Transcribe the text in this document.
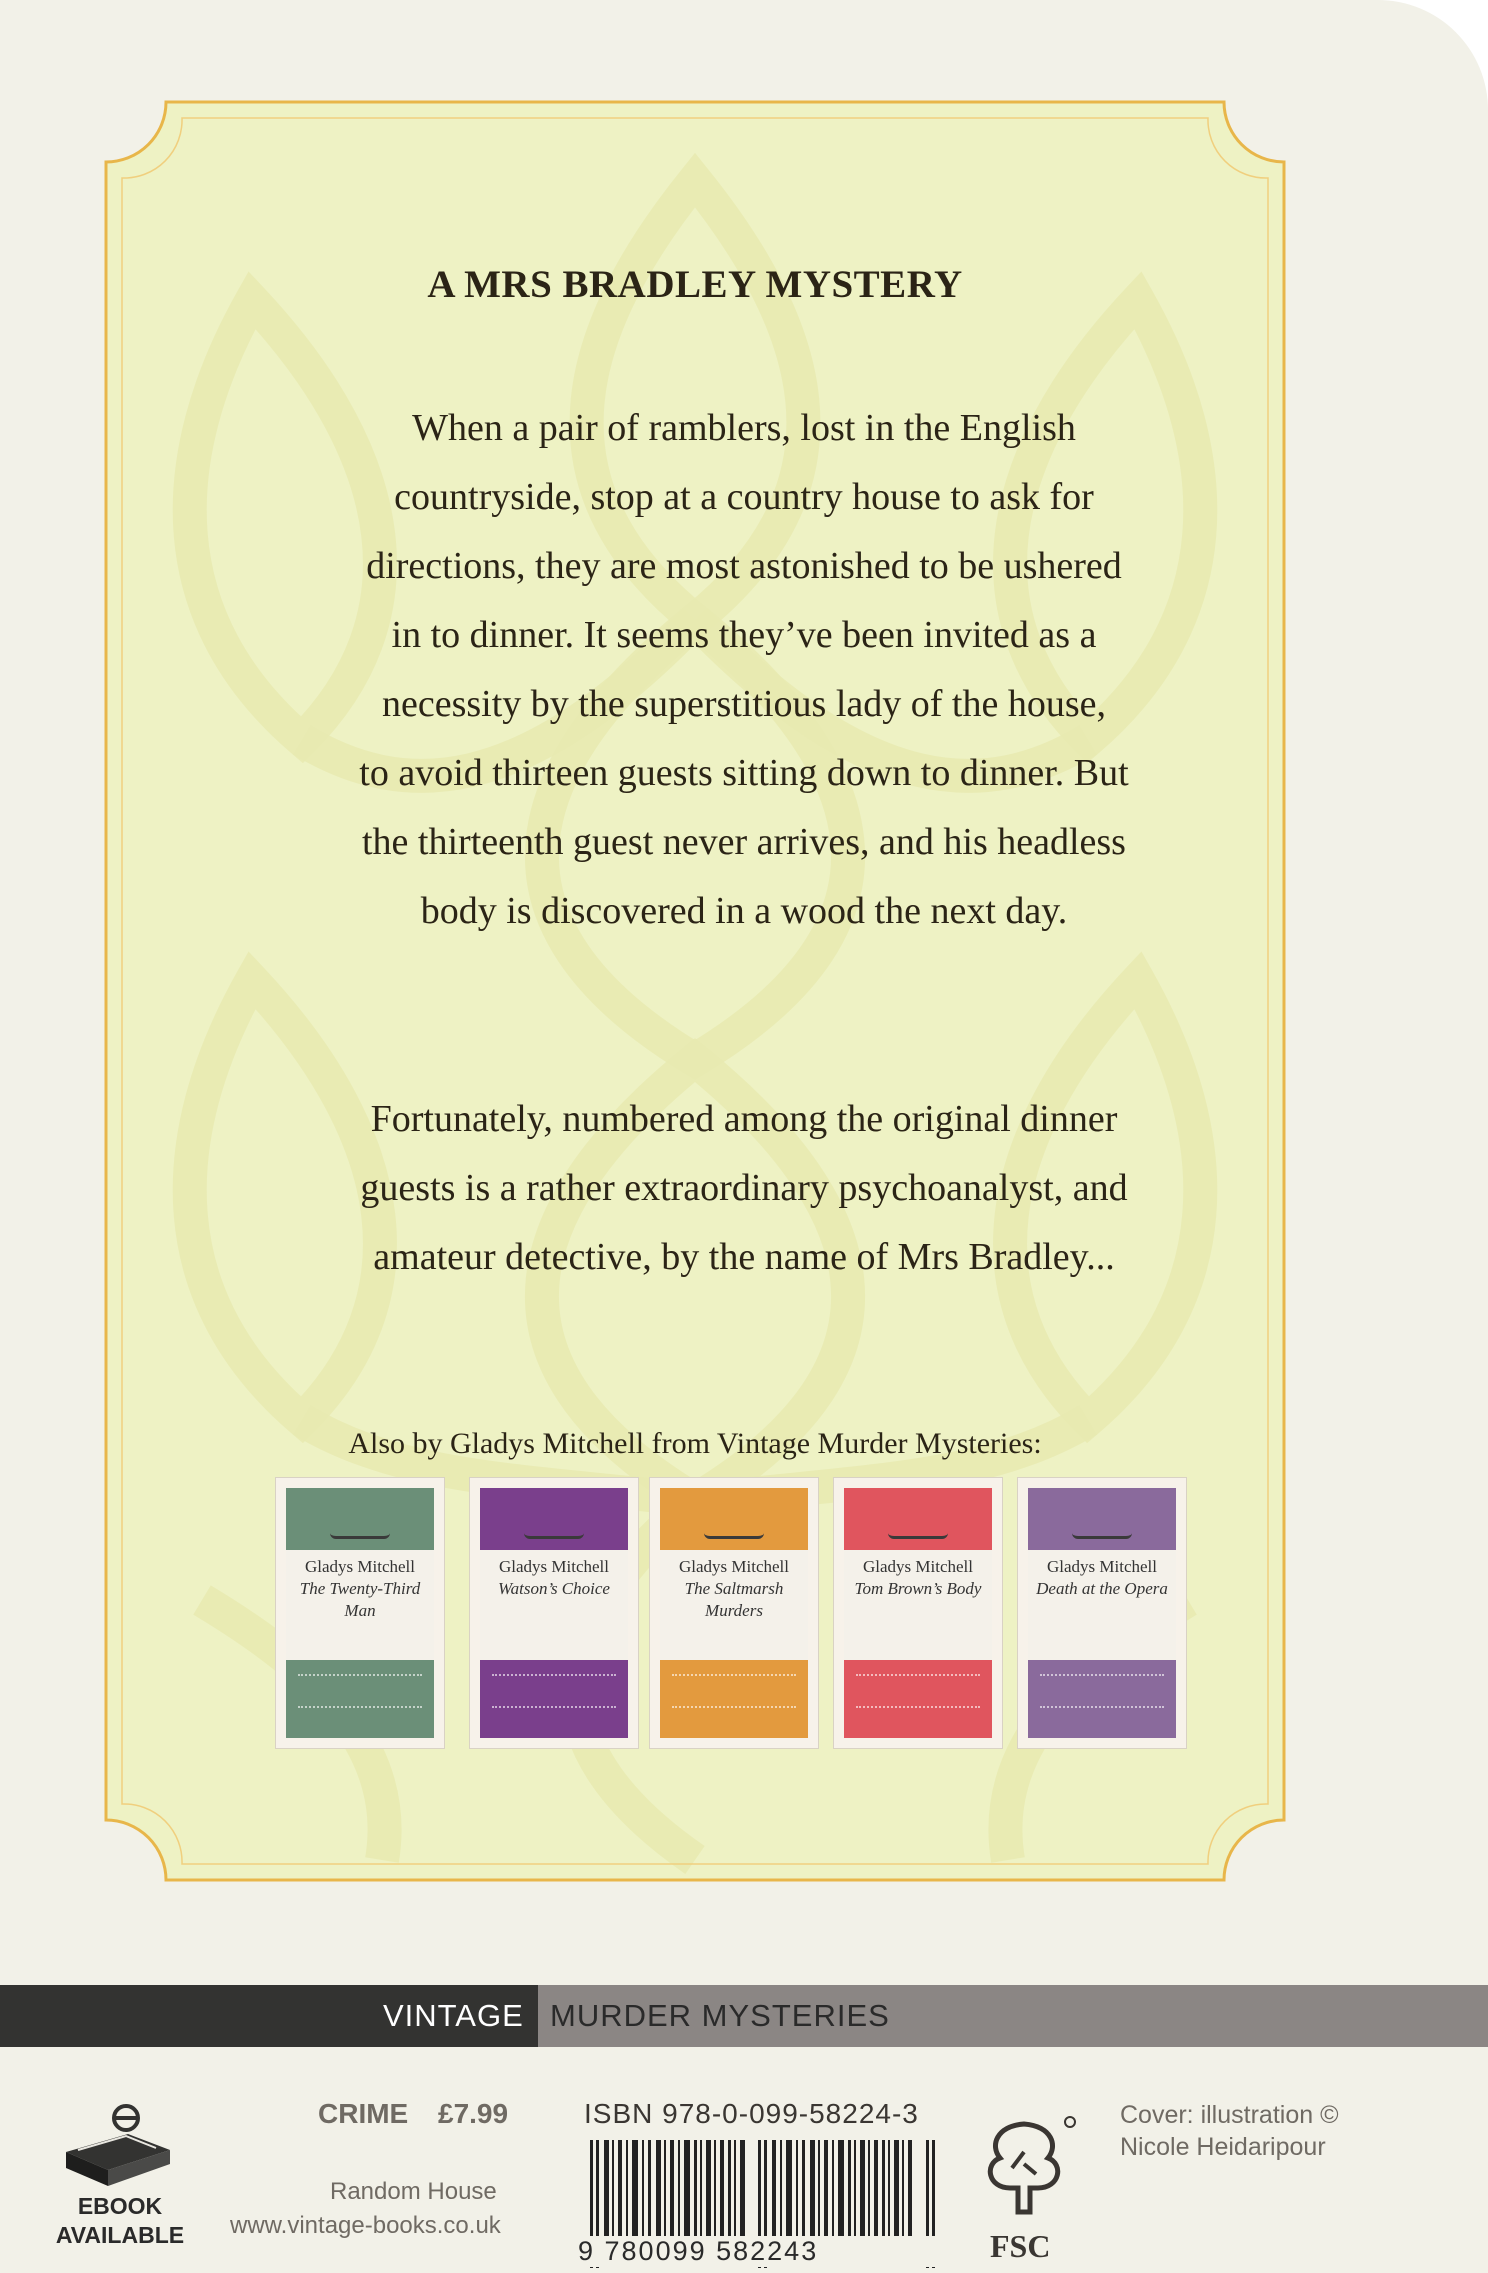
A MRS BRADLEY MYSTERY
When a pair of ramblers, lost in the English
countryside, stop at a country house to ask for
directions, they are most astonished to be ushered
in to dinner. It seems they’ve been invited as a
necessity by the superstitious lady of the house,
to avoid thirteen guests sitting down to dinner. But
the thirteenth guest never arrives, and his headless
body is discovered in a wood the next day.
Fortunately, numbered among the original dinner
guests is a rather extraordinary psychoanalyst, and
amateur detective, by the name of Mrs Bradley...
Also by Gladys Mitchell from Vintage Murder Mysteries:
Gladys Mitchell
The Twenty-Third Man
Gladys Mitchell
Watson’s Choice
Gladys Mitchell
The Saltmarsh Murders
Gladys Mitchell
Tom Brown’s Body
Gladys Mitchell
Death at the Opera
VINTAGE MURDER MYSTERIES
EBOOK
AVAILABLE
CRIME £7.99	ISBN 978-0-099-58224-3
Random House
www.vintage-books.co.uk
9 780099 582243	FSC
Cover: illustration ©
Nicole Heidaripour
